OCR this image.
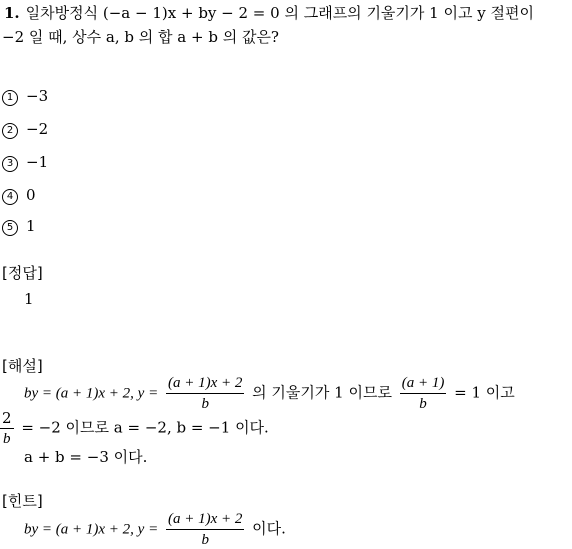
1. 일차방정식 (−a − 1)x + by − 2 = 0 의 그래프의 기울기가 1 이고 y 절편이
−2 일 때, 상수 a, b 의 합 a + b 의 값은?
1 −3
2 −2
3 −1
4 0
5 1
[정답]
1
[해설]
by = (a + 1)x + 2, $y = \frac{(a + 1)x + 2}{b}$ 의 기울기가 1 이므로 $\frac{(a + 1)}{b} = 1$ 이고
$\frac{2}{b} = -2$ 이므로 a = −2, b = −1 이다.
a + b = −3 이다.
[힌트]
by = (a + 1)x + 2, $y = \frac{(a + 1)x + 2}{b}$ 이다.
